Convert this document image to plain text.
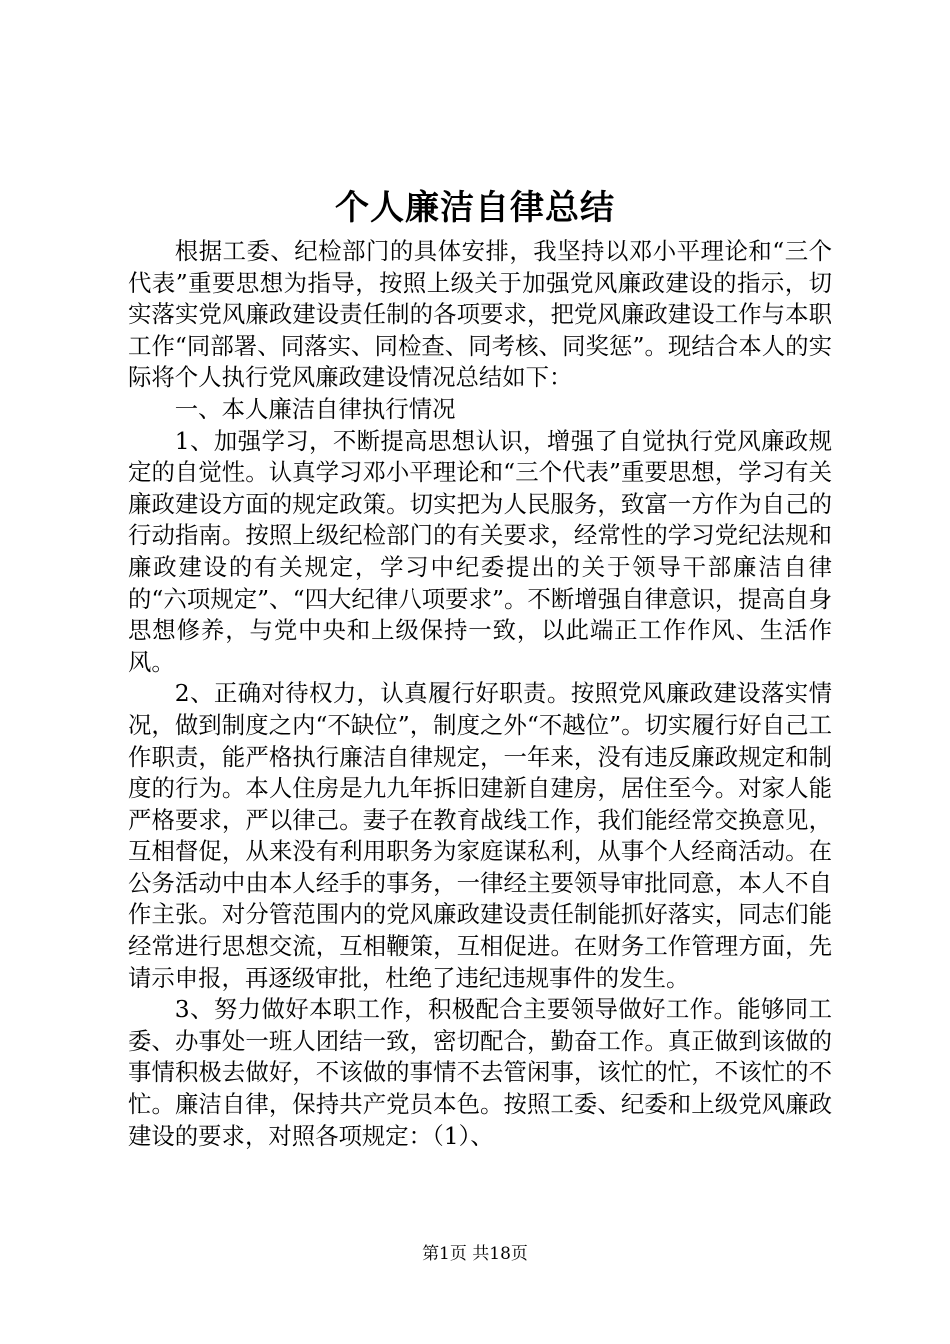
个人廉洁自律总结

根据工委、纪检部门的具体安排，我坚持以邓小平理论和“三个代表”重要思想为指导，按照上级关于加强党风廉政建设的指示，切实落实党风廉政建设责任制的各项要求，把党风廉政建设工作与本职工作“同部署、同落实、同检查、同考核、同奖惩”。现结合本人的实际将个人执行党风廉政建设情况总结如下：

一、本人廉洁自律执行情况

1、加强学习，不断提高思想认识，增强了自觉执行党风廉政规定的自觉性。认真学习邓小平理论和“三个代表”重要思想，学习有关廉政建设方面的规定政策。切实把为人民服务，致富一方作为自己的行动指南。按照上级纪检部门的有关要求，经常性的学习党纪法规和廉政建设的有关规定，学习中纪委提出的关于领导干部廉洁自律的“六项规定”、“四大纪律八项要求”。不断增强自律意识，提高自身思想修养，与党中央和上级保持一致，以此端正工作作风、生活作风。

2、正确对待权力，认真履行好职责。按照党风廉政建设落实情况，做到制度之内“不缺位”，制度之外“不越位”。切实履行好自己工作职责，能严格执行廉洁自律规定，一年来，没有违反廉政规定和制度的行为。本人住房是九九年拆旧建新自建房，居住至今。对家人能严格要求，严以律己。妻子在教育战线工作，我们能经常交换意见，互相督促，从来没有利用职务为家庭谋私利，从事个人经商活动。在公务活动中由本人经手的事务，一律经主要领导审批同意，本人不自作主张。对分管范围内的党风廉政建设责任制能抓好落实，同志们能经常进行思想交流，互相鞭策，互相促进。在财务工作管理方面，先请示申报，再逐级审批，杜绝了违纪违规事件的发生。

3、努力做好本职工作，积极配合主要领导做好工作。能够同工委、办事处一班人团结一致，密切配合，勤奋工作。真正做到该做的事情积极去做好，不该做的事情不去管闲事，该忙的忙，不该忙的不忙。廉洁自律，保持共产党员本色。按照工委、纪委和上级党风廉政建设的要求，对照各项规定：（1）、

第1页 共18页
